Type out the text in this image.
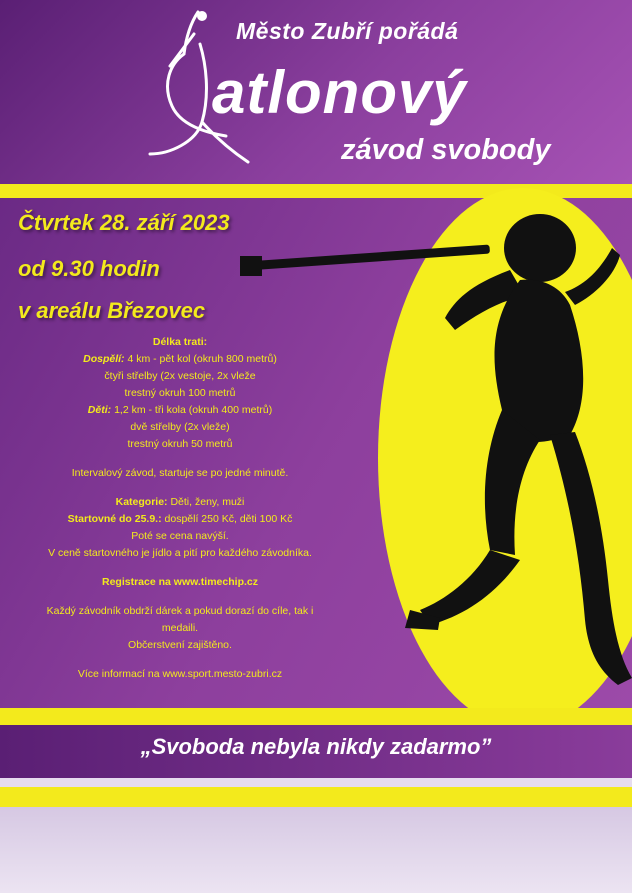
Město Zubří pořádá
atlonový
závod svobody
Čtvrtek 28. září 2023
od 9.30 hodin
v areálu Březovec

Délka trati:

Dospělí: 4 km - pět kol (okruh 800 metrů)

čtyři střelby (2x vestoje, 2x vleže

trestný okruh 100 metrů

Děti: 1,2 km - tři kola (okruh 400 metrů)

dvě střelby (2x vleže)

trestný okruh 50 metrů

Intervalový závod, startuje se po jedné minutě.

Kategorie: Děti, ženy, muži

Startovné do 25.9.: dospělí 250 Kč, děti 100 Kč

Poté se cena navýší.

V ceně startovného je jídlo a pití pro každého závodníka.

Registrace na www.timechip.cz

Každý závodník obdrží dárek a pokud dorazí do cíle, tak i medaili.

Občerstvení zajištěno.

Více informací na www.sport.mesto-zubri.cz

„Svoboda nebyla nikdy zadarmo”
